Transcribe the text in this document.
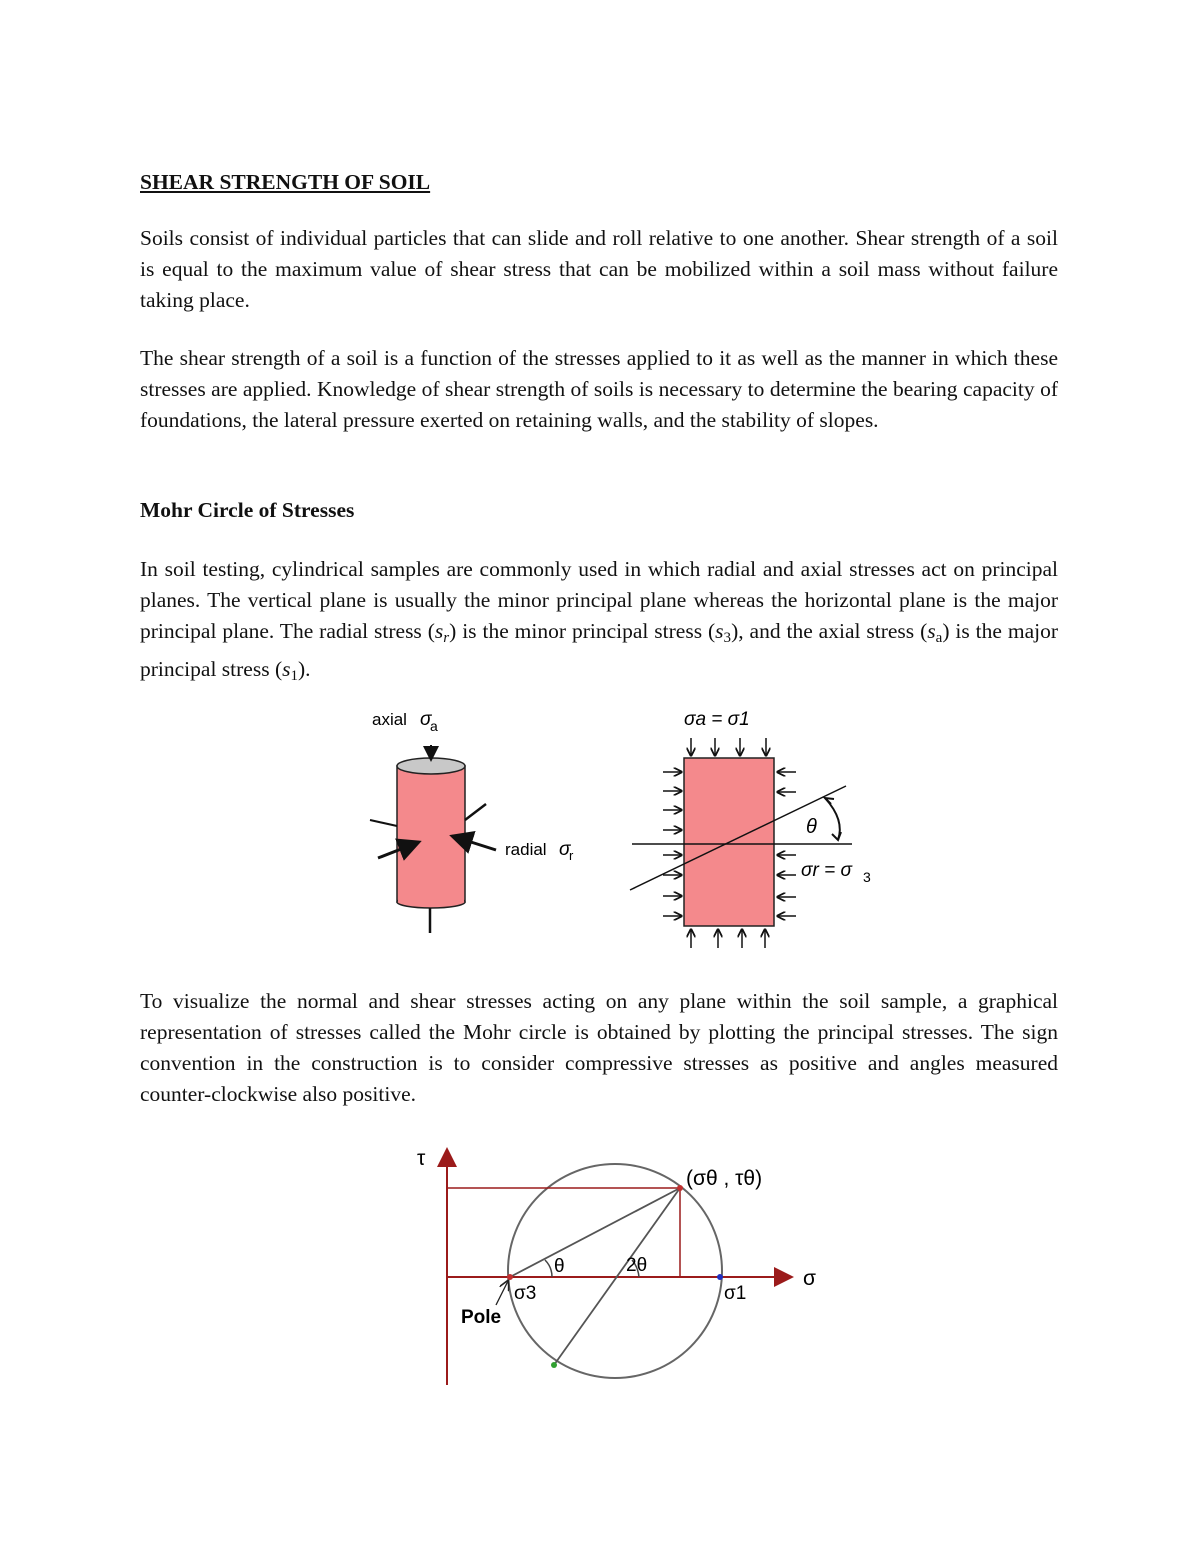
SHEAR STRENGTH OF SOIL

Soils consist of individual particles that can slide and roll relative to one another. Shear strength of a soil is equal to the maximum value of shear stress that can be mobilized within a soil mass without failure taking place.

The shear strength of a soil is a function of the stresses applied to it as well as the manner in which these stresses are applied. Knowledge of shear strength of soils is necessary to determine the bearing capacity of foundations, the lateral pressure exerted on retaining walls, and the stability of slopes.

Mohr Circle of Stresses

In soil testing, cylindrical samples are commonly used in which radial and axial stresses act on principal planes. The vertical plane is usually the minor principal plane whereas the horizontal plane is the major principal plane. The radial stress $(s_r)$ is the minor principal stress $(s_3)$, and the axial stress $(s_a)$ is the major principal stress $(s_1)$.

axial σ
a
radial σ
r
σa = σ1
θ
σr = σ 3

To visualize the normal and shear stresses acting on any plane within the soil sample, a graphical representation of stresses called the Mohr circle is obtained by plotting the principal stresses. The sign convention in the construction is to consider compressive stresses as positive and angles measured counter-clockwise also positive.

τ
σ
(σθ , τθ)
θ	2θ
σ3	σ1
Pole
